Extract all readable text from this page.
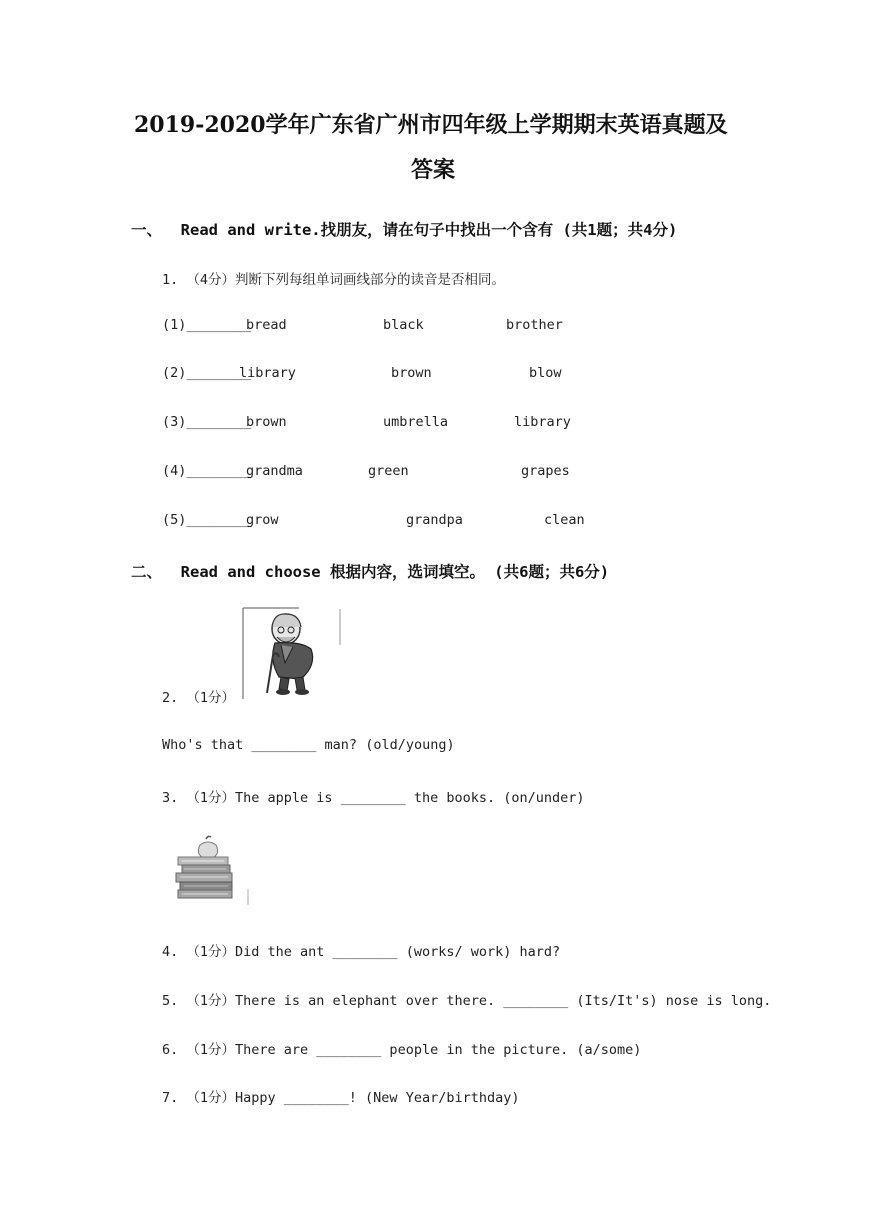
2019-2020学年广东省广州市四年级上学期期末英语真题及
答案
一、  Read and write.找朋友，请在句子中找出一个含有 (共1题；共4分)
1. （4分）判断下列每组单词画线部分的读音是否相同。
(1)________
bread	black	brother
(2)________
library	brown	blow
(3)________
brown	umbrella	library
(4)________
grandma	green	grapes
(5)________
grow	grandpa	clean
二、  Read and choose 根据内容，选词填空。 (共6题；共6分)
2. （1分）
Who's that ________ man? (old/young)
3. （1分）The apple is ________ the books. (on/under)
4. （1分）Did the ant ________ (works/ work) hard?
5. （1分）There is an elephant over there. ________ (Its/It's) nose is long.
6. （1分）There are ________ people in the picture. (a/some)
7. （1分）Happy ________! (New Year/birthday)
